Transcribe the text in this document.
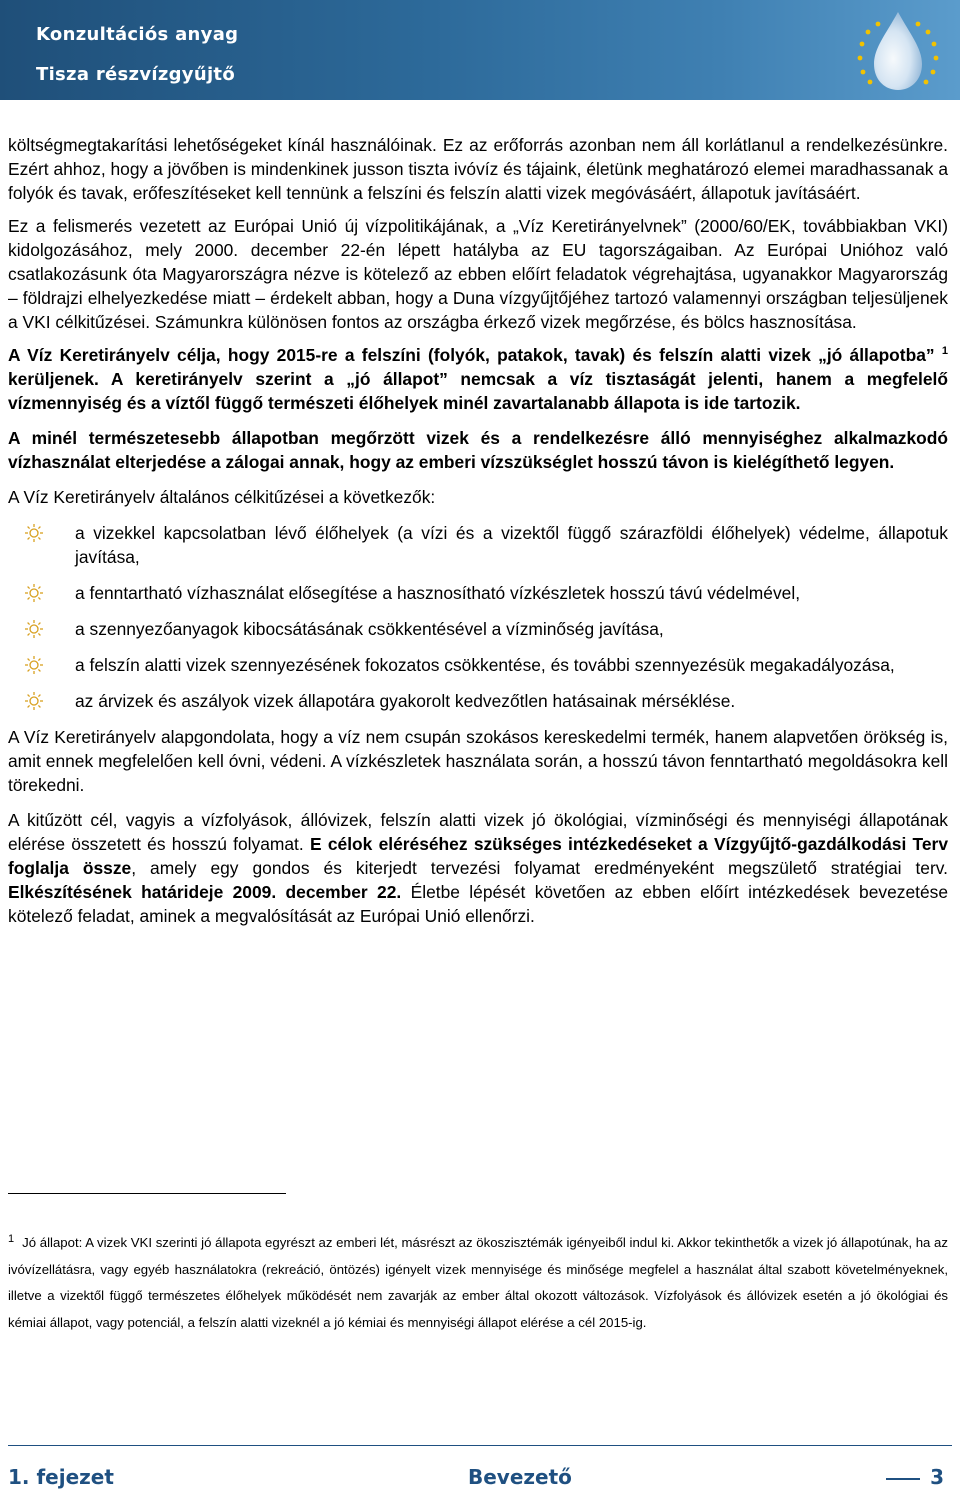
Konzultációs anyag
Tisza részvízgyűjtő

költségmegtakarítási lehetőségeket kínál használóinak. Ez az erőforrás azonban nem áll korlátlanul a rendelkezésünkre. Ezért ahhoz, hogy a jövőben is mindenkinek jusson tiszta ivóvíz és tájaink, életünk meghatározó elemei maradhassanak a folyók és tavak, erőfeszítéseket kell tennünk a felszíni és felszín alatti vizek megóvásáért, állapotuk javításáért.

Ez a felismerés vezetett az Európai Unió új vízpolitikájának, a „Víz Keretirányelvnek” (2000/60/EK, továbbiakban VKI) kidolgozásához, mely 2000. december 22-én lépett hatályba az EU tagországaiban. Az Európai Unióhoz való csatlakozásunk óta Magyarországra nézve is kötelező az ebben előírt feladatok végrehajtása, ugyanakkor Magyarország – földrajzi elhelyezkedése miatt – érdekelt abban, hogy a Duna vízgyűjtőjéhez tartozó valamennyi országban teljesüljenek a VKI célkitűzései. Számunkra különösen fontos az országba érkező vizek megőrzése, és bölcs hasznosítása.

A Víz Keretirányelv célja, hogy 2015-re a felszíni (folyók, patakok, tavak) és felszín alatti vizek „jó állapotba” $^1$ kerüljenek. A keretirányelv szerint a „jó állapot” nemcsak a víz tisztaságát jelenti, hanem a megfelelő vízmennyiség és a víztől függő természeti élőhelyek minél zavartalanabb állapota is ide tartozik.

A minél természetesebb állapotban megőrzött vizek és a rendelkezésre álló mennyiséghez alkalmazkodó vízhasználat elterjedése a zálogai annak, hogy az emberi vízszükséglet hosszú távon is kielégíthető legyen.

A Víz Keretirányelv általános célkitűzései a következők:

a vizekkel kapcsolatban lévő élőhelyek (a vízi és a vizektől függő szárazföldi élőhelyek) védelme, állapotuk javítása,
a fenntartható vízhasználat elősegítése a hasznosítható vízkészletek hosszú távú védelmével,
a szennyezőanyagok kibocsátásának csökkentésével a vízminőség javítása,
a felszín alatti vizek szennyezésének fokozatos csökkentése, és további szennyezésük megakadályozása,
az árvizek és aszályok vizek állapotára gyakorolt kedvezőtlen hatásainak mérséklése.

A Víz Keretirányelv alapgondolata, hogy a víz nem csupán szokásos kereskedelmi termék, hanem alapvetően örökség is, amit ennek megfelelően kell óvni, védeni. A vízkészletek használata során, a hosszú távon fenntartható megoldásokra kell törekedni.

A kitűzött cél, vagyis a vízfolyások, állóvizek, felszín alatti vizek jó ökológiai, vízminőségi és mennyiségi állapotának elérése összetett és hosszú folyamat. E célok eléréséhez szükséges intézkedéseket a Vízgyűjtő-gazdálkodási Terv foglalja össze, amely egy gondos és kiterjedt tervezési folyamat eredményeként megszülető stratégiai terv. Elkészítésének határideje 2009. december 22. Életbe lépését követően az ebben előírt intézkedések bevezetése kötelező feladat, aminek a megvalósítását az Európai Unió ellenőrzi.

$^1$ Jó állapot: A vizek VKI szerinti jó állapota egyrészt az emberi lét, másrészt az ökoszisztémák igényeiből indul ki. Akkor tekinthetők a vizek jó állapotúnak, ha az ivóvízellátásra, vagy egyéb használatokra (rekreáció, öntözés) igényelt vizek mennyisége és minősége megfelel a használat által szabott követelményeknek, illetve a vizektől függő természetes élőhelyek működését nem zavarják az ember által okozott változások. Vízfolyások és állóvizek esetén a jó ökológiai és kémiai állapot, vagy potenciál, a felszín alatti vizeknél a jó kémiai és mennyiségi állapot elérése a cél 2015-ig.
1. fejezet	Bevezető	3
